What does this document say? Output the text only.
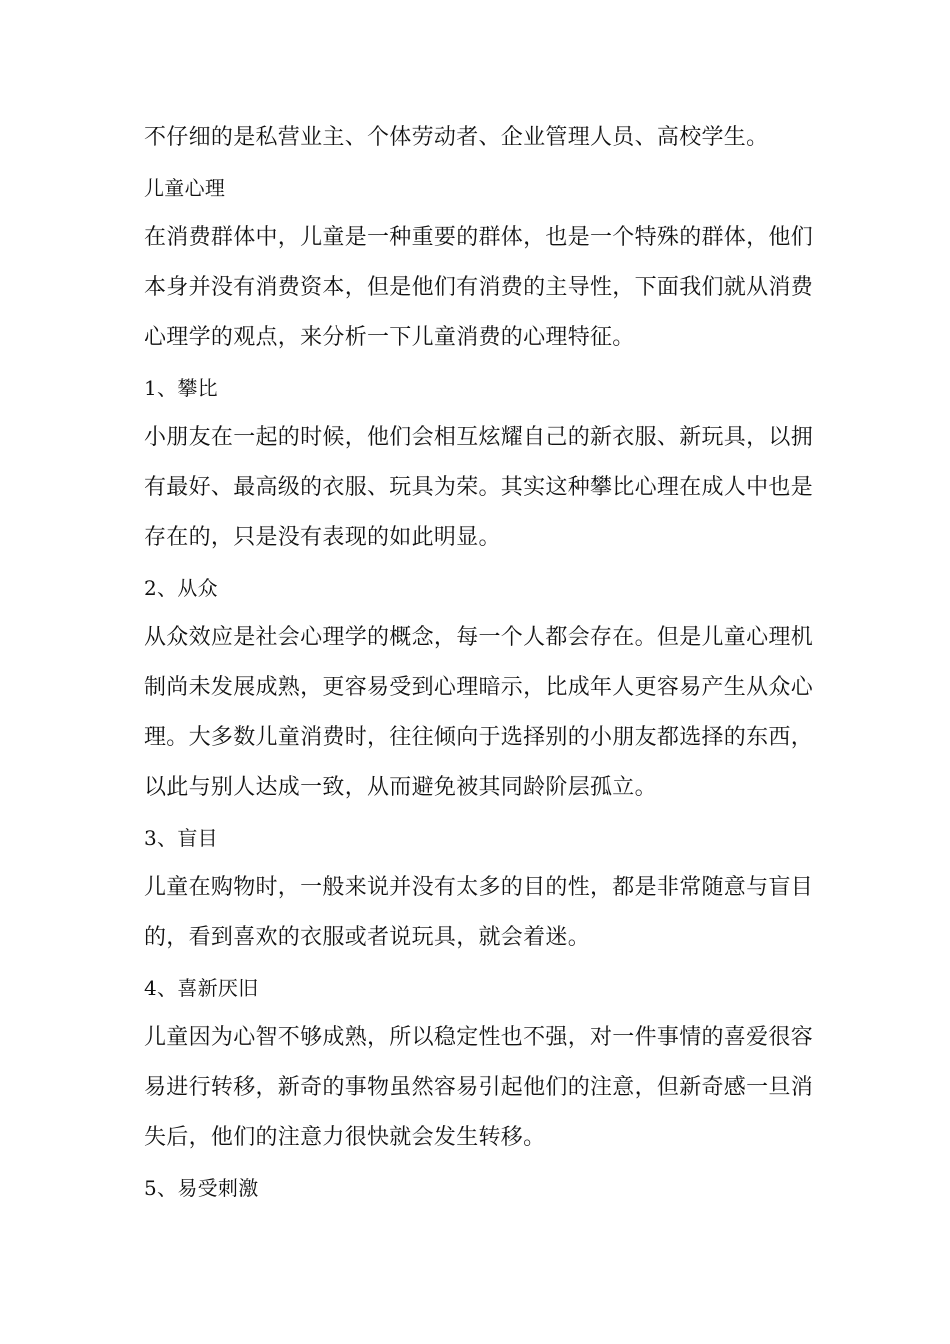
不仔细的是私营业主、个体劳动者、企业管理人员、高校学生。
儿童心理
在消费群体中，儿童是一种重要的群体，也是一个特殊的群体，他们
本身并没有消费资本，但是他们有消费的主导性，下面我们就从消费
心理学的观点，来分析一下儿童消费的心理特征。
1、攀比
小朋友在一起的时候，他们会相互炫耀自己的新衣服、新玩具，以拥
有最好、最高级的衣服、玩具为荣。其实这种攀比心理在成人中也是
存在的，只是没有表现的如此明显。
2、从众
从众效应是社会心理学的概念，每一个人都会存在。但是儿童心理机
制尚未发展成熟，更容易受到心理暗示，比成年人更容易产生从众心
理。大多数儿童消费时，往往倾向于选择别的小朋友都选择的东西，
以此与别人达成一致，从而避免被其同龄阶层孤立。
3、盲目
儿童在购物时，一般来说并没有太多的目的性，都是非常随意与盲目
的，看到喜欢的衣服或者说玩具，就会着迷。
4、喜新厌旧
儿童因为心智不够成熟，所以稳定性也不强，对一件事情的喜爱很容
易进行转移，新奇的事物虽然容易引起他们的注意，但新奇感一旦消
失后，他们的注意力很快就会发生转移。
5、易受刺激
